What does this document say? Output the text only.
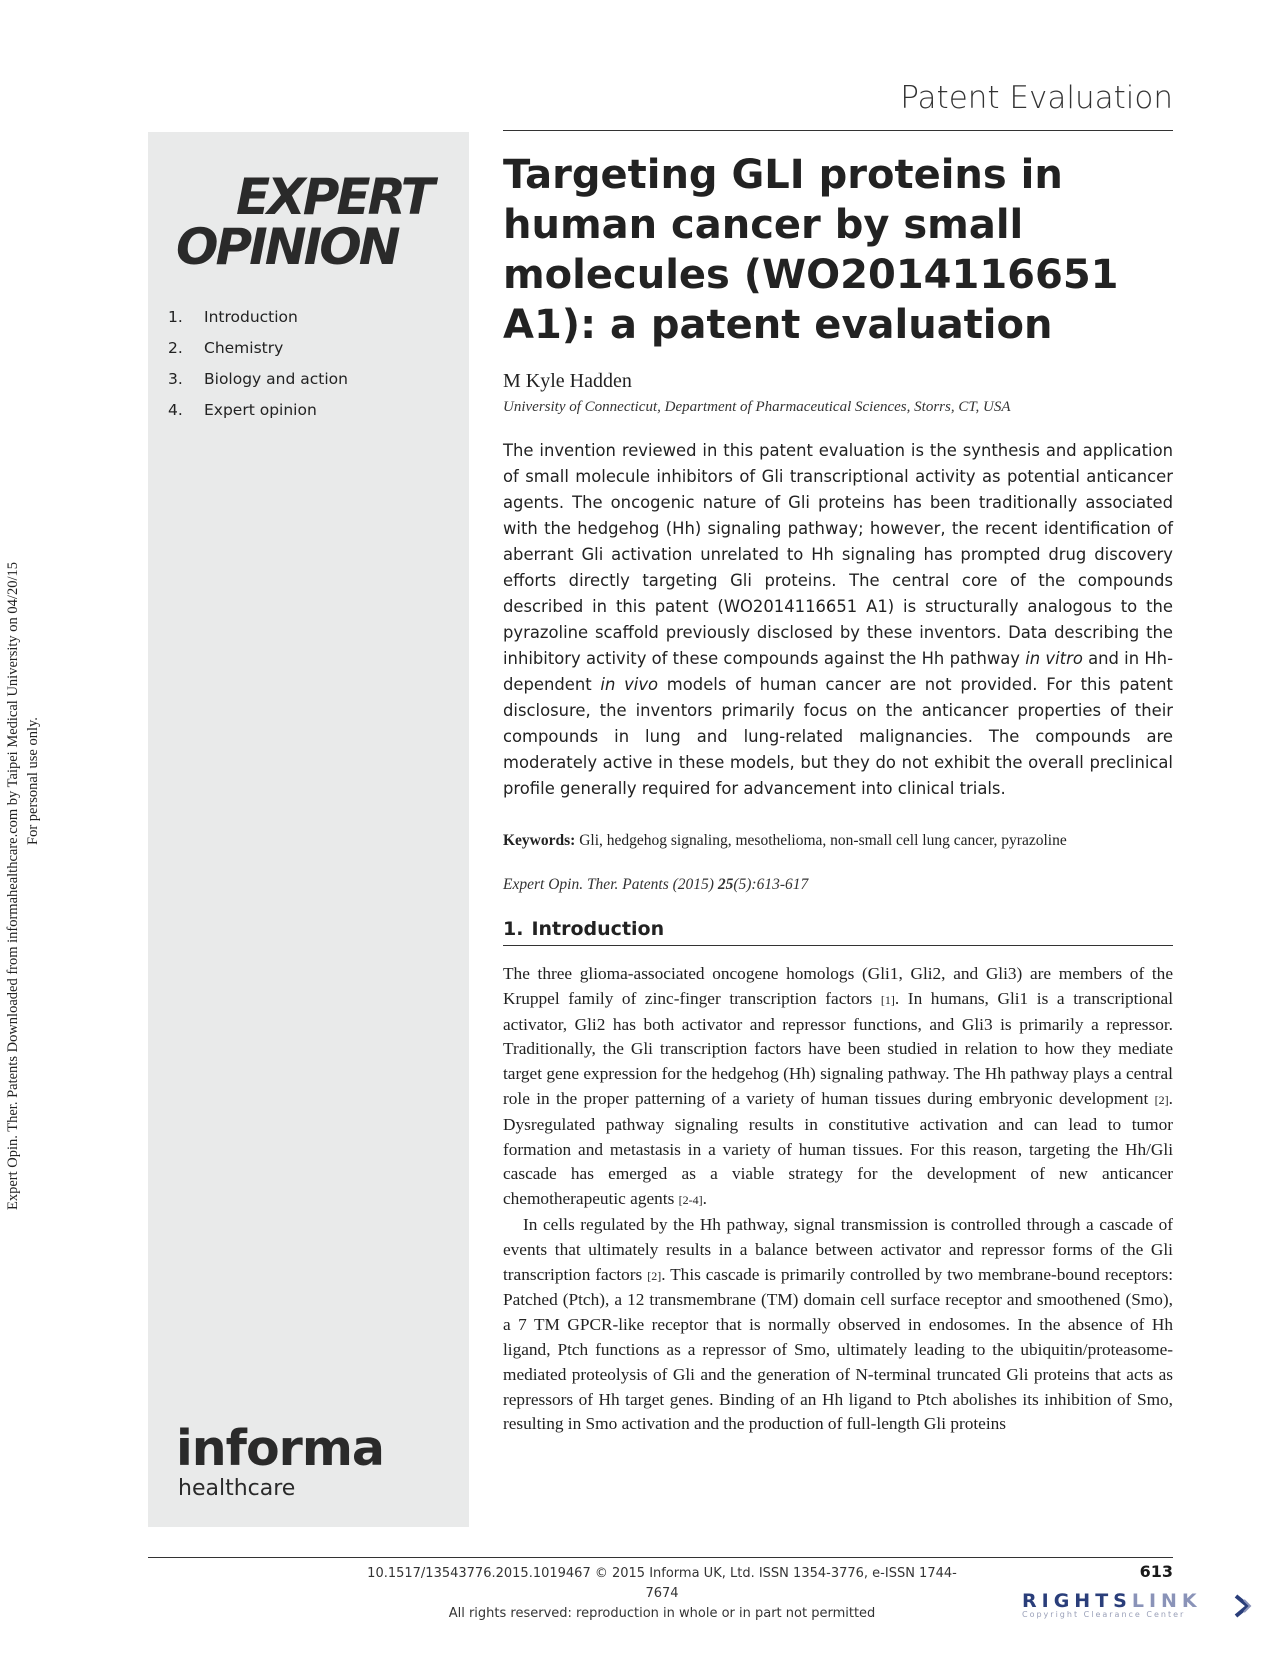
Expert Opin. Ther. Patents Downloaded from informahealthcare.com by Taipei Medical University on 04/20/15 For personal use only.
Patent Evaluation
EXPERT
OPINION
1. Introduction
2. Chemistry
3. Biology and action
4. Expert opinion
informa
healthcare
Targeting GLI proteins in human cancer by small molecules (WO2014116651 A1): a patent evaluation
M Kyle Hadden
University of Connecticut, Department of Pharmaceutical Sciences, Storrs, CT, USA
The invention reviewed in this patent evaluation is the synthesis and application of small molecule inhibitors of Gli transcriptional activity as potential anticancer agents. The oncogenic nature of Gli proteins has been traditionally associated with the hedgehog (Hh) signaling pathway; however, the recent identification of aberrant Gli activation unrelated to Hh signaling has prompted drug discovery efforts directly targeting Gli proteins. The central core of the compounds described in this patent (WO2014116651 A1) is structurally analogous to the pyrazoline scaffold previously disclosed by these inventors. Data describing the inhibitory activity of these compounds against the Hh pathway in vitro and in Hh-dependent in vivo models of human cancer are not provided. For this patent disclosure, the inventors primarily focus on the anticancer properties of their compounds in lung and lung-related malignancies. The compounds are moderately active in these models, but they do not exhibit the overall preclinical profile generally required for advancement into clinical trials.
Keywords: Gli, hedgehog signaling, mesothelioma, non-small cell lung cancer, pyrazoline
Expert Opin. Ther. Patents (2015) 25(5):613-617
1. Introduction

The three glioma-associated oncogene homologs (Gli1, Gli2, and Gli3) are members of the Kruppel family of zinc-finger transcription factors [1]. In humans, Gli1 is a transcriptional activator, Gli2 has both activator and repressor functions, and Gli3 is primarily a repressor. Traditionally, the Gli transcription factors have been studied in relation to how they mediate target gene expression for the hedgehog (Hh) signaling pathway. The Hh pathway plays a central role in the proper patterning of a variety of human tissues during embryonic development [2]. Dysregulated pathway signaling results in constitutive activation and can lead to tumor formation and metastasis in a variety of human tissues. For this reason, targeting the Hh/Gli cascade has emerged as a viable strategy for the development of new anticancer chemotherapeutic agents [2-4].

In cells regulated by the Hh pathway, signal transmission is controlled through a cascade of events that ultimately results in a balance between activator and repressor forms of the Gli transcription factors [2]. This cascade is primarily controlled by two membrane-bound receptors: Patched (Ptch), a 12 transmembrane (TM) domain cell surface receptor and smoothened (Smo), a 7 TM GPCR-like receptor that is normally observed in endosomes. In the absence of Hh ligand, Ptch functions as a repressor of Smo, ultimately leading to the ubiquitin/proteasome-mediated proteolysis of Gli and the generation of N-terminal truncated Gli proteins that acts as repressors of Hh target genes. Binding of an Hh ligand to Ptch abolishes its inhibition of Smo, resulting in Smo activation and the production of full-length Gli proteins

10.1517/13543776.2015.1019467 © 2015 Informa UK, Ltd. ISSN 1354-3776, e-ISSN 1744-7674
All rights reserved: reproduction in whole or in part not permitted
613
RIGHTSLINK
Copyright Clearance Center
